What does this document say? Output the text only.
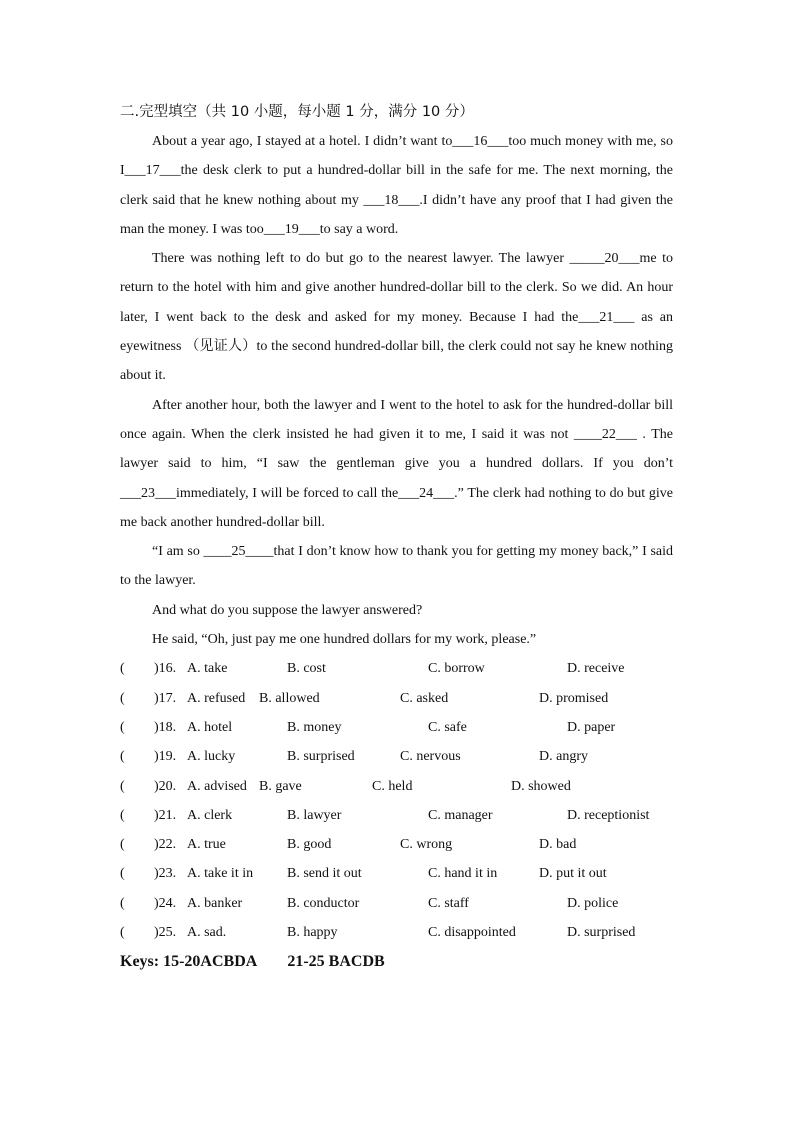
二.完型填空（共 10 小题，每小题 1 分，满分 10 分）

About a year ago, I stayed at a hotel. I didn’t want to___16___too much money with me, so I___17___the desk clerk to put a hundred-dollar bill in the safe for me. The next morning, the clerk said that he knew nothing about my ___18___.I didn’t have any proof that I had given the man the money. I was too___19___to say a word.

There was nothing left to do but go to the nearest lawyer. The lawyer _____20___me to return to the hotel with him and give another hundred-dollar bill to the clerk. So we did. An hour later, I went back to the desk and asked for my money. Because I had the___21___ as an eyewitness （见证人）to the second hundred-dollar bill, the clerk could not say he knew nothing about it.

After another hour, both the lawyer and I went to the hotel to ask for the hundred-dollar bill once again. When the clerk insisted he had given it to me, I said it was not ____22___ . The lawyer said to him, “I saw the gentleman give you a hundred dollars. If you don’t ___23___immediately, I will be forced to call the___24___.” The clerk had nothing to do but give me back another hundred-dollar bill.

“I am so ____25____that I don’t know how to thank you for getting my money back,” I said to the lawyer.

And what do you suppose the lawyer answered?

He said, “Oh, just pay me one hundred dollars for my work, please.”

( )16. A. take	B. cost	C. borrow	D. receive
( )17. A. refused B. allowed	C. asked	D. promised
( )18. A. hotel	B. money	C. safe	D. paper
( )19. A. lucky	B. surprised	C. nervous	D. angry
( )20. A. advised B. gave	C. held	D. showed
( )21. A. clerk	B. lawyer	C. manager	D. receptionist
( )22. A. true	B. good	C. wrong	D. bad
( )23. A. take it in B. send it out	C. hand it in	D. put it out
( )24. A. banker	B. conductor	C. staff	D. police
( )25. A. sad.	B. happy	C. disappointed	D. surprised
Keys: 15-20ACBDA 21-25 BACDB
